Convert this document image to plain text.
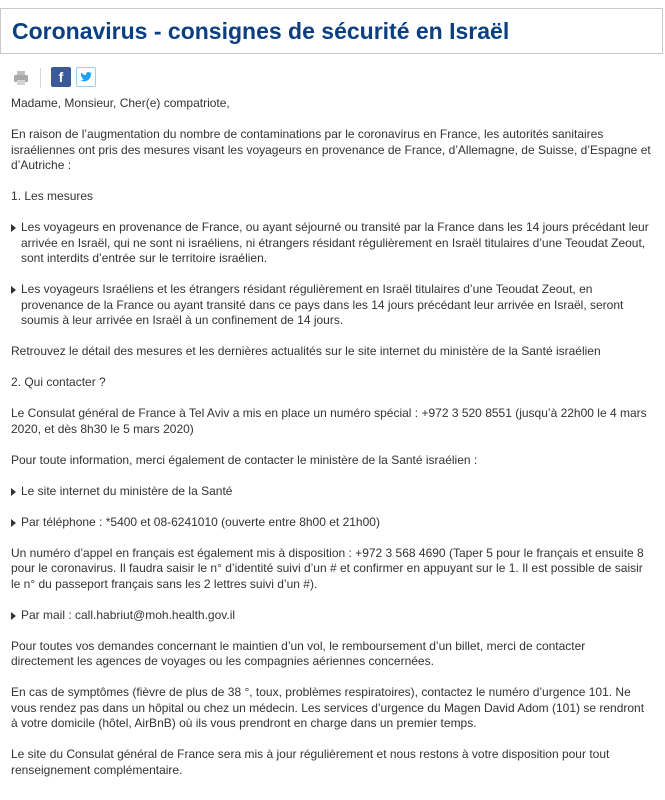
Coronavirus - consignes de sécurité en Israël
f

Madame, Monsieur, Cher(e) compatriote,

En raison de l’augmentation du nombre de contaminations par le coronavirus en France, les autorités sanitaires israéliennes ont pris des mesures visant les voyageurs en provenance de France, d’Allemagne, de Suisse, d’Espagne et d’Autriche :

1. Les mesures

Les voyageurs en provenance de France, ou ayant séjourné ou transité par la France dans les 14 jours précédant leur arrivée en Israël, qui ne sont ni israéliens, ni étrangers résidant régulièrement en Israël titulaires d’une Teoudat Zeout, sont interdits d’entrée sur le territoire israélien.

Les voyageurs Israéliens et les étrangers résidant régulièrement en Israël titulaires d’une Teoudat Zeout, en provenance de la France ou ayant transité dans ce pays dans les 14 jours précédant leur arrivée en Israël, seront soumis à leur arrivée en Israël à un confinement de 14 jours.

Retrouvez le détail des mesures et les dernières actualités sur le site internet du ministère de la Santé israélien

2. Qui contacter ?

Le Consulat général de France à Tel Aviv a mis en place un numéro spécial : +972 3 520 8551 (jusqu’à 22h00 le 4 mars 2020, et dès 8h30 le 5 mars 2020)

Pour toute information, merci également de contacter le ministère de la Santé israélien :

Le site internet du ministère de la Santé

Par téléphone : *5400 et 08-6241010 (ouverte entre 8h00 et 21h00)

Un numéro d’appel en français est également mis à disposition : +972 3 568 4690 (Taper 5 pour le français et ensuite 8 pour le coronavirus. Il faudra saisir le n° d’identité suivi d’un # et confirmer en appuyant sur le 1. Il est possible de saisir le n° du passeport français sans les 2 lettres suivi d’un #).

Par mail : call.habriut@moh.health.gov.il

Pour toutes vos demandes concernant le maintien d’un vol, le remboursement d’un billet, merci de contacter directement les agences de voyages ou les compagnies aériennes concernées.

En cas de symptômes (fièvre de plus de 38 °, toux, problèmes respiratoires), contactez le numéro d’urgence 101. Ne vous rendez pas dans un hôpital ou chez un médecin. Les services d’urgence du Magen David Adom (101) se rendront à votre domicile (hôtel, AirBnB) où ils vous prendront en charge dans un premier temps.

Le site du Consulat général de France sera mis à jour régulièrement et nous restons à votre disposition pour tout renseignement complémentaire.
